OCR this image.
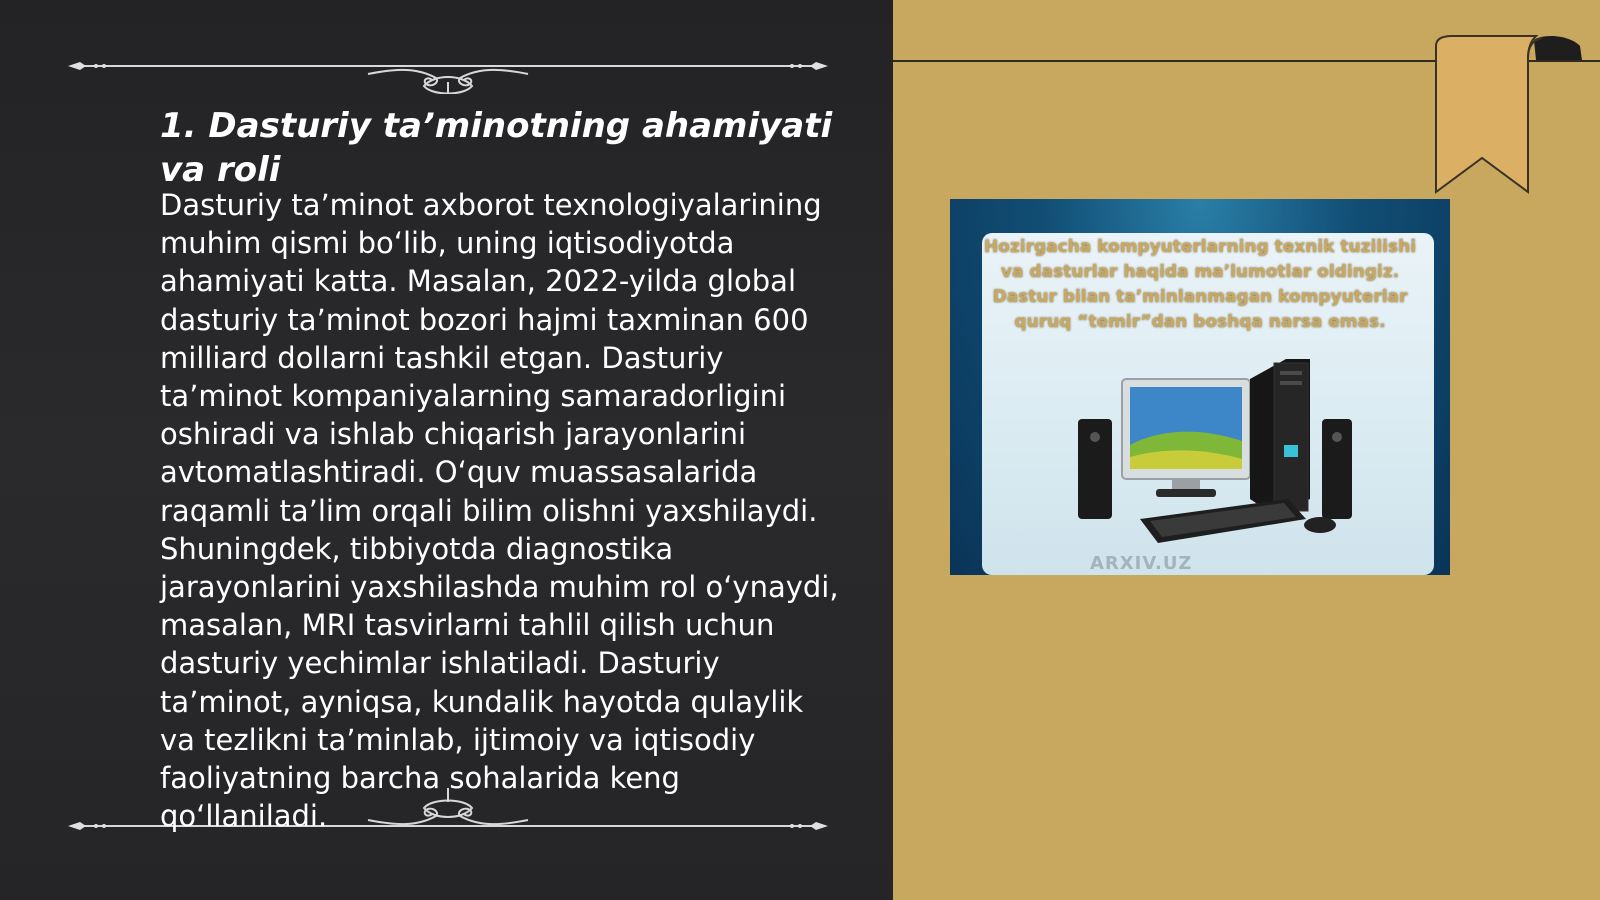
1. Dasturiy ta’minotning ahamiyati va roli

Dasturiy ta’minot axborot texnologiyalarining muhim qismi bo‘lib, uning iqtisodiyotda ahamiyati katta. Masalan, 2022-yilda global dasturiy ta’minot bozori hajmi taxminan 600 milliard dollarni tashkil etgan. Dasturiy ta’minot kompaniyalarning samaradorligini oshiradi va ishlab chiqarish jarayonlarini avtomatlashtiradi. O‘quv muassasalarida raqamli ta’lim orqali bilim olishni yaxshilaydi. Shuningdek, tibbiyotda diagnostika jarayonlarini yaxshilashda muhim rol o‘ynaydi, masalan, MRI tasvirlarni tahlil qilish uchun dasturiy yechimlar ishlatiladi. Dasturiy ta’minot, ayniqsa, kundalik hayotda qulaylik va tezlikni ta’minlab, ijtimoiy va iqtisodiy faoliyatning barcha sohalarida keng qo‘llaniladi.

Hozirgacha kompyuterlarning texnik tuzilishi va dasturlar haqida ma’lumotlar oldingiz. Dastur bilan ta’minlanmagan kompyuterlar quruq “temir”dan boshqa narsa emas.

ARXIV.UZ
